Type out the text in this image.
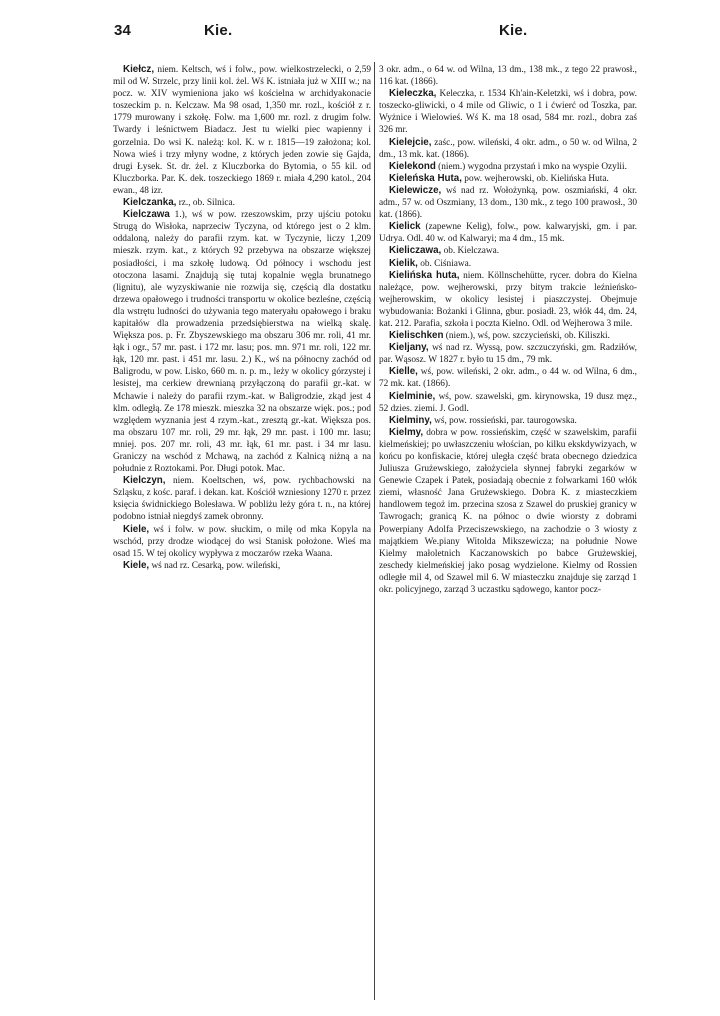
34	Kie.	Kie.

Kiełcz, niem. Keltsch, wś i folw., pow. wielkostrzelecki, o 2,59 mil od W. Strzelc, przy linii kol. żel. Wś K. istniała już w XIII w.; na pocz. w. XIV wymieniona jako wś kościelna w archidyakonacie toszeckim p. n. Kelczaw. Ma 98 osad, 1,350 mr. rozl., kościół z r. 1779 murowany i szkołę. Folw. ma 1,600 mr. rozl. z drugim folw. Twardy i leśnictwem Biadacz. Jest tu wielki piec wapienny i gorzelnia. Do wsi K. należą: kol. K. w r. 1815—19 założona; kol. Nowa wieś i trzy młyny wodne, z których jeden zowie się Gajda, drugi Łysek. St. dr. żel. z Kluczborka do Bytomia, o 55 kil. od Kluczborka. Par. K. dek. toszeckiego 1869 r. miała 4,290 katol., 204 ewan., 48 izr.

Kielczanka, rz., ob. Silnica.

Kielczawa 1.), wś w pow. rzeszowskim, przy ujściu potoku Strugą do Wisłoka, naprzeciw Tyczyna, od którego jest o 2 klm. oddaloną, należy do parafii rzym. kat. w Tyczynie, liczy 1,209 mieszk. rzym. kat., z których 92 przebywa na obszarze większej posiadłości, i ma szkołę ludową. Od północy i wschodu jest otoczona lasami. Znajdują się tutaj kopalnie węgla brunatnego (lignitu), ale wyzyskiwanie nie rozwija się, częścią dla dostatku drzewa opałowego i trudności transportu w okolice bezleśne, częścią dla wstrętu ludności do używania tego materyału opałowego i braku kapitałów dla prowadzenia przedsiębierstwa na wielką skalę. Większa pos. p. Fr. Zbyszewskiego ma obszaru 306 mr. roli, 41 mr. łąk i ogr., 57 mr. past. i 172 mr. lasu; pos. mn. 971 mr. roli, 122 mr. łąk, 120 mr. past. i 451 mr. lasu. 2.) K., wś na północny zachód od Baligrodu, w pow. Lisko, 660 m. n. p. m., leży w okolicy górzystej i lesistej, ma cerkiew drewnianą przyłączoną do parafii gr.-kat. w Mchawie i należy do parafii rzym.-kat. w Baligrodzie, zkąd jest 4 klm. odległą. Ze 178 mieszk. mieszka 32 na obszarze więk. pos.; pod względem wyznania jest 4 rzym.-kat., zresztą gr.-kat. Większa pos. ma obszaru 107 mr. roli, 29 mr. łąk, 29 mr. past. i 100 mr. lasu; mniej. pos. 207 mr. roli, 43 mr. łąk, 61 mr. past. i 34 mr lasu. Graniczy na wschód z Mchawą, na zachód z Kalnicą niżną a na południe z Roztokami. Por. Długi potok. Mac.

Kielczyn, niem. Koeltschen, wś, pow. rychbachowski na Szląsku, z kośc. paraf. i dekan. kat. Kościół wzniesiony 1270 r. przez księcia świdnickiego Bolesława. W pobliżu leży góra t. n., na której podobno istniał niegdyś zamek obronny.

Kiele, wś i folw. w pow. słuckim, o milę od mka Kopyla na wschód, przy drodze wiodącej do wsi Stanisk położone. Wieś ma osad 15. W tej okolicy wypływa z moczarów rzeka Waana.

Kiele, wś nad rz. Cesarką, pow. wileński,

3 okr. adm., o 64 w. od Wilna, 13 dm., 138 mk., z tego 22 prawosł., 116 kat. (1866).

Kieleczka, Keleczka, r. 1534 Kh'ain-Keletzki, wś i dobra, pow. toszecko-gliwicki, o 4 mile od Gliwic, o 1 i ćwierć od Toszka, par. Wyżnice i Wielowieś. Wś K. ma 18 osad, 584 mr. rozl., dobra zaś 326 mr.

Kielejcie, zaśc., pow. wileński, 4 okr. adm., o 50 w. od Wilna, 2 dm., 13 mk. kat. (1866).

Kielekond (niem.) wygodna przystań i mko na wyspie Ozylii.

Kieleńska Huta, pow. wejherowski, ob. Kielińska Huta.

Kielewicze, wś nad rz. Wołożynką, pow. oszmiański, 4 okr. adm., 57 w. od Oszmiany, 13 dom., 130 mk., z tego 100 prawosł., 30 kat. (1866).

Kielick (zapewne Kelig), folw., pow. kalwaryjski, gm. i par. Udrya. Odl. 40 w. od Kalwaryi; ma 4 dm., 15 mk.

Kieliczawa, ob. Kielczawa.

Kielik, ob. Ciśniawa.

Kielińska huta, niem. Köllnschehütte, rycer. dobra do Kielna należące, pow. wejherowski, przy bitym trakcie leźnieńsko-wejherowskim, w okolicy lesistej i piaszczystej. Obejmuje wybudowania: Bożanki i Glinna, gbur. posiadł. 23, włók 44, dm. 24, kat. 212. Parafia, szkoła i poczta Kielno. Odl. od Wejherowa 3 mile.

Kielischken (niem.), wś, pow. szczycieński, ob. Kiliszki.

Kieljany, wś nad rz. Wyssą, pow. szczuczyński, gm. Radziłów, par. Wąsosz. W 1827 r. było tu 15 dm., 79 mk.

Kielle, wś, pow. wileński, 2 okr. adm., o 44 w. od Wilna, 6 dm., 72 mk. kat. (1866).

Kielminie, wś, pow. szawelski, gm. kirynowska, 19 dusz męz., 52 dzies. ziemi. J. Godl.

Kielminy, wś, pow. rossieński, par. taurogowska.

Kielmy, dobra w pow. rossieńskim, część w szawelskim, parafii kielmeńskiej; po uwłaszczeniu włościan, po kilku ekskdywizyach, w końcu po konfiskacie, której uległa część brata obecnego dziedzica Juliusza Grużewskiego, założyciela słynnej fabryki zegarków w Genewie Czapek i Patek, posiadają obecnie z folwarkami 160 włók ziemi, własność Jana Grużewskiego. Dobra K. z miasteczkiem handlowem tegoż im. przecina szosa z Szawel do pruskiej granicy w Tawrogach; granicą K. na północ o dwie wiorsty z dobrami Powerpiany Adolfa Przeciszewskiego, na zachodzie o 3 wiosty z majątkiem We.piany Witolda Mikszewicza; na południe Nowe Kielmy małoletnich Kaczanowskich po babce Grużewskiej, zeschedy kielmeńskiej jako posag wydzielone. Kielmy od Rossien odległe mil 4, od Szawel mil 6. W miasteczku znajduje się zarząd 1 okr. policyjnego, zarząd 3 uczastku sądowego, kantor pocz-
